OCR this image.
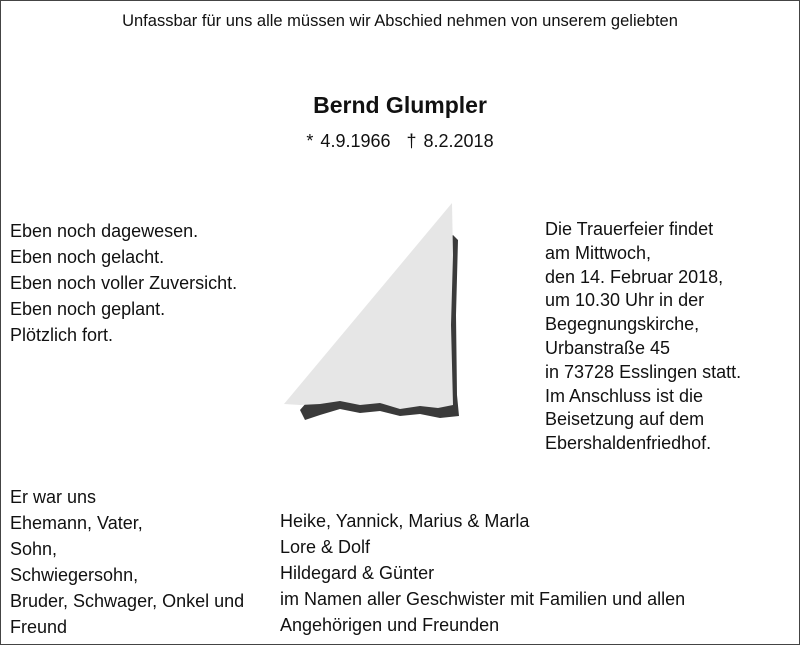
Unfassbar für uns alle müssen wir Abschied nehmen von unserem geliebten
Bernd Glumpler
* 4.9.1966 † 8.2.2018
Eben noch dagewesen.
Eben noch gelacht.
Eben noch voller Zuversicht.
Eben noch geplant.
Plötzlich fort.
Die Trauerfeier findet
am Mittwoch,
den 14. Februar 2018,
um 10.30 Uhr in der
Begegnungskirche,
Urbanstraße 45
in 73728 Esslingen statt.
Im Anschluss ist die
Beisetzung auf dem
Ebershaldenfriedhof.
Er war uns
Ehemann, Vater,
Sohn,
Schwiegersohn,
Bruder, Schwager, Onkel und
Freund
Heike, Yannick, Marius & Marla
Lore & Dolf
Hildegard & Günter
im Namen aller Geschwister mit Familien und allen
Angehörigen und Freunden
